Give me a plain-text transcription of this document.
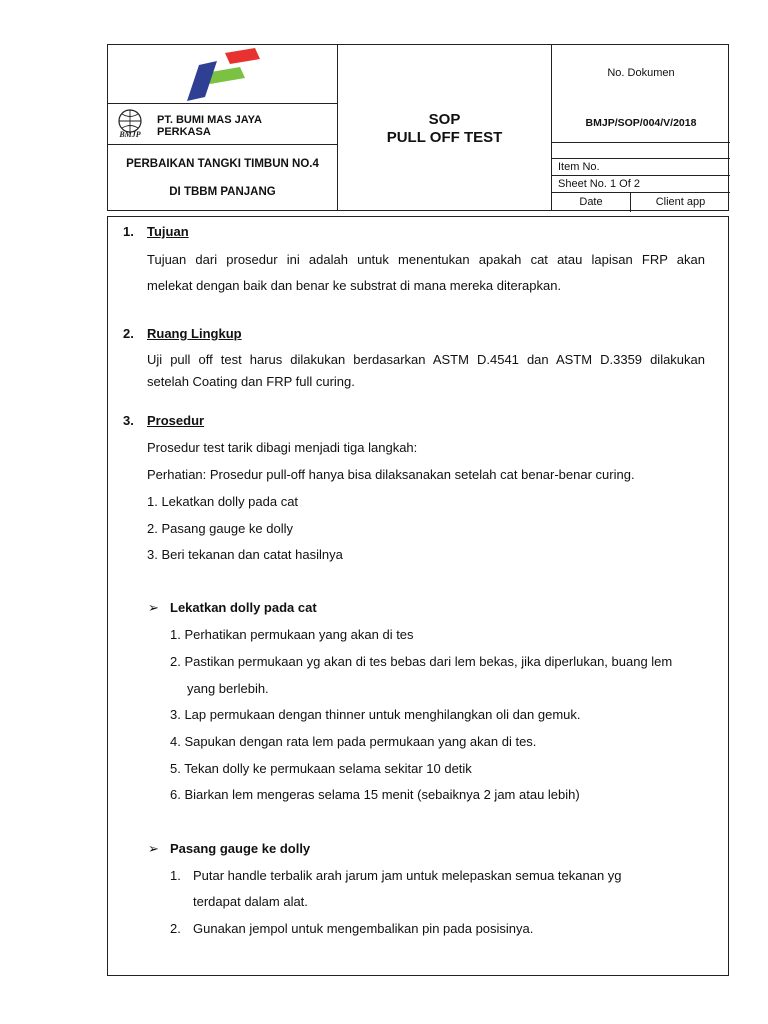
BMJP
PT. BUMI MAS JAYA PERKASA
PERBAIKAN TANGKI TIMBUN NO.4
DI TBBM PANJANG
SOP
PULL OFF TEST
No. Dokumen
BMJP/SOP/004/V/2018
Item No.
Sheet No. 1 Of 2
Date	Client app
1. Tujuan
Tujuan dari prosedur ini adalah untuk menentukan apakah cat atau lapisan FRP akan
melekat dengan baik dan benar ke substrat di mana mereka diterapkan.
2. Ruang Lingkup
Uji pull off test harus dilakukan berdasarkan ASTM D.4541 dan ASTM D.3359 dilakukan
setelah Coating dan FRP full curing.
3. Prosedur
Prosedur test tarik dibagi menjadi tiga langkah:
Perhatian: Prosedur pull-off hanya bisa dilaksanakan setelah cat benar-benar curing.
1. Lekatkan dolly pada cat
2. Pasang gauge ke dolly
3. Beri tekanan dan catat hasilnya
➢ Lekatkan dolly pada cat
1. Perhatikan permukaan yang akan di tes
2. Pastikan permukaan yg akan di tes bebas dari lem bekas, jika diperlukan, buang lem
yang berlebih.
3. Lap permukaan dengan thinner untuk menghilangkan oli dan gemuk.
4. Sapukan dengan rata lem pada permukaan yang akan di tes.
5. Tekan dolly ke permukaan selama sekitar 10 detik
6. Biarkan lem mengeras selama 15 menit (sebaiknya 2 jam atau lebih)
➢ Pasang gauge ke dolly
1. Putar handle terbalik arah jarum jam untuk melepaskan semua tekanan yg
terdapat dalam alat.
2. Gunakan jempol untuk mengembalikan pin pada posisinya.
